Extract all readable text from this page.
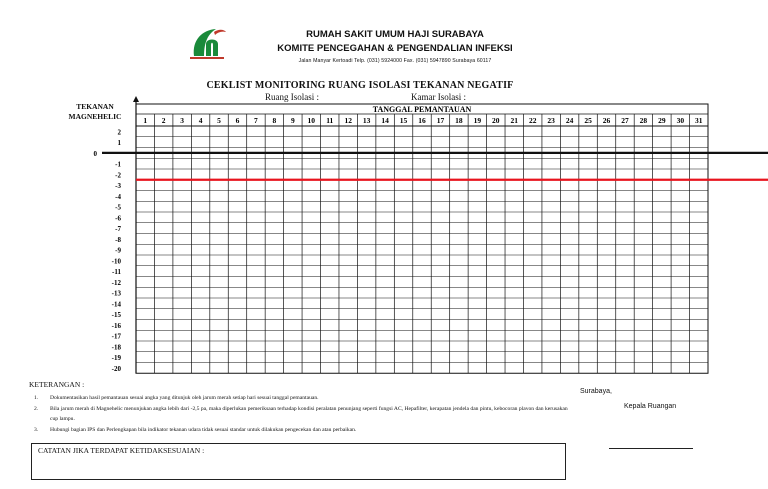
RUMAH SAKIT UMUM HAJI SURABAYA
KOMITE PENCEGAHAN & PENGENDALIAN INFEKSI
Jalan Manyar Kertoadi Telp. (031) 5924000 Fax. (031) 5947890 Surabaya 60117
CEKLIST MONITORING RUANG ISOLASI TEKANAN NEGATIF
Ruang Isolasi :	Kamar Isolasi :
TEKANAN
MAGNEHELIC
TANGGAL PEMANTAUAN
1 2 3 4 5 6 7 8 9 10 11 12 13 14 15 16 17 18 19 20 21 22 23 24 25 26 27 28 29 30 31
2
1
0
-1
-2
-3
-4
-5
-6
-7
-8
-9
-10
-11
-12
-13
-14
-15
-16
-17
-18
-19
-20
KETERANGAN :
1. Dokumentasikan hasil pemantauan sesuai angka yang ditunjuk oleh jarum merah setiap hari sesuai tanggal pemantauan.
2. Bila jarum merah di Magnehelic menunjukan angka lebih dari -2,5 pa, maka diperlukan pemeriksaan terhadap kondisi peralatan penunjang seperti fungsi AC, Hepafilter, kerapatan jendela dan pintu, kebocoran plavon dan kerusakan cup lampu.
3. Hubungi bagian IPS dan Perlengkapan bila indikator tekanan udara tidak sesuai standar untuk dilakukan pengecekan dan atau perbaikan.
Surabaya,
Kepala Ruangan
CATATAN JIKA TERDAPAT KETIDAKSESUAIAN :
